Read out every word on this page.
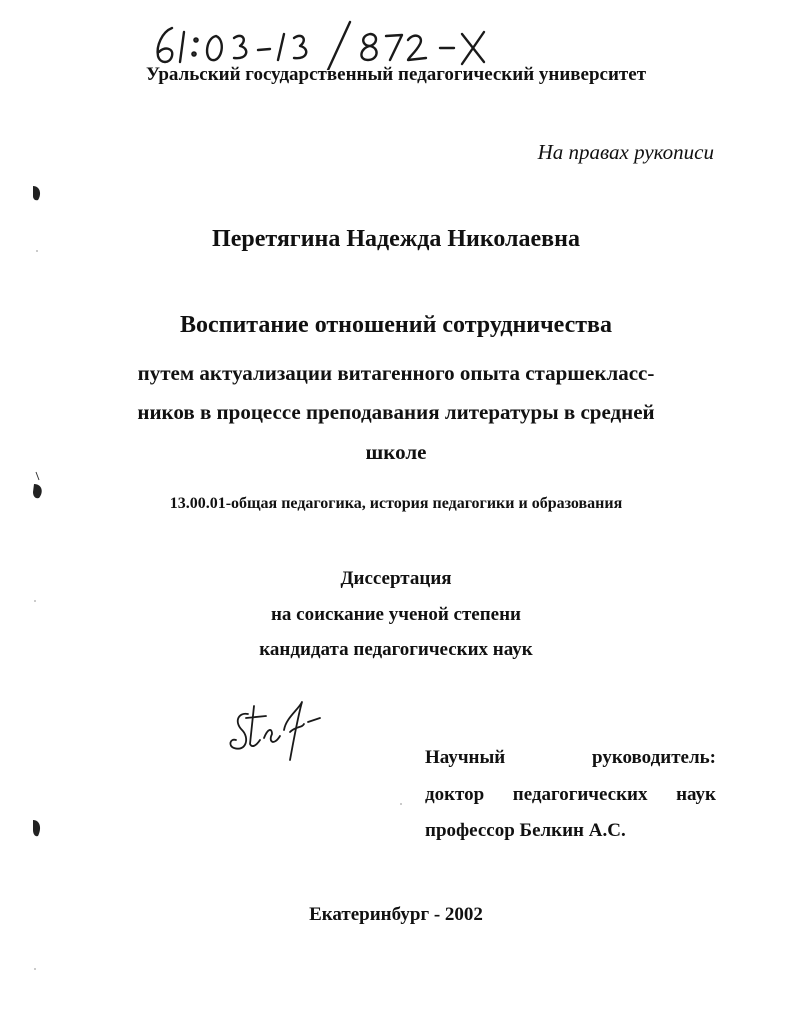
Уральский государственный педагогический университет
На правах рукописи
Перетягина Надежда Николаевна
Воспитание отношений сотрудничества
путем актуализации витагенного опыта старшекласс-
ников в процессе преподавания литературы в средней
школе
13.00.01-общая педагогика, история педагогики и образования
Диссертация
на соискание ученой степени
кандидата педагогических наук
Научный	руководитель:
доктор педагогических наук
профессор Белкин А.С.
Екатеринбург - 2002
